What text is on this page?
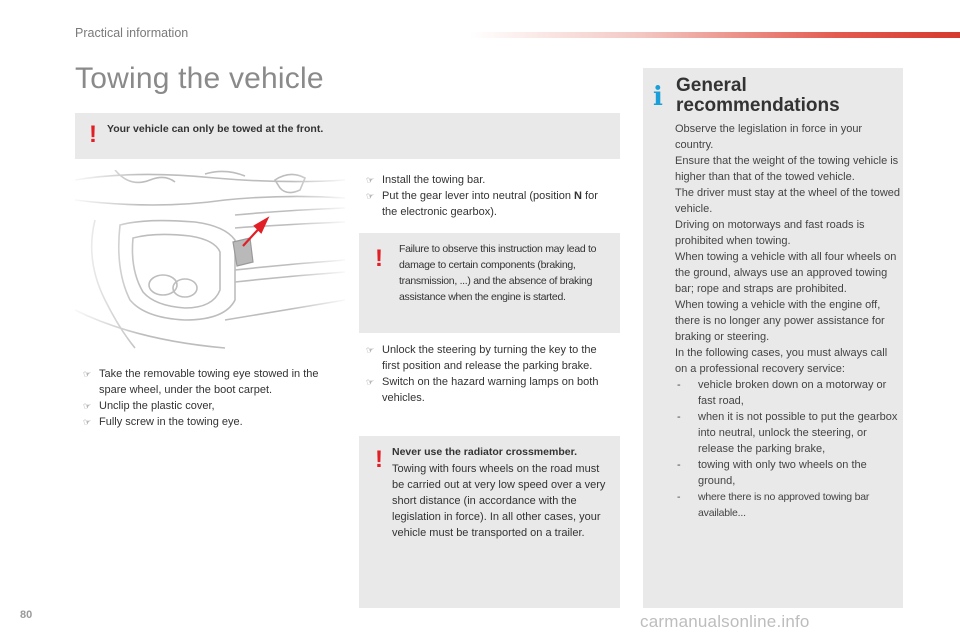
Practical information
Towing the vehicle
! Your vehicle can only be towed at the front.
☞ Take the removable towing eye stowed in the spare wheel, under the boot carpet.
☞ Unclip the plastic cover,
☞ Fully screw in the towing eye.
☞ Install the towing bar.
☞ Put the gear lever into neutral (position N for the electronic gearbox).
! Failure to observe this instruction may lead to damage to certain components (braking, transmission, ...) and the absence of braking assistance when the engine is started.
☞ Unlock the steering by turning the key to the first position and release the parking brake.
☞ Switch on the hazard warning lamps on both vehicles.
! Never use the radiator crossmember.
Towing with fours wheels on the road must be carried out at very low speed over a very short distance (in accordance with the legislation in force). In all other cases, your vehicle must be transported on a trailer.
i General recommendations

Observe the legislation in force in your country.

Ensure that the weight of the towing vehicle is higher than that of the towed vehicle.

The driver must stay at the wheel of the towed vehicle.

Driving on motorways and fast roads is prohibited when towing.

When towing a vehicle with all four wheels on the ground, always use an approved towing bar; rope and straps are prohibited.

When towing a vehicle with the engine off, there is no longer any power assistance for braking or steering.

In the following cases, you must always call on a professional recovery service:

- vehicle broken down on a motorway or fast road,
- when it is not possible to put the gearbox into neutral, unlock the steering, or release the parking brake,
- towing with only two wheels on the ground,
- where there is no approved towing bar available...
80	carmanualsonline.info
